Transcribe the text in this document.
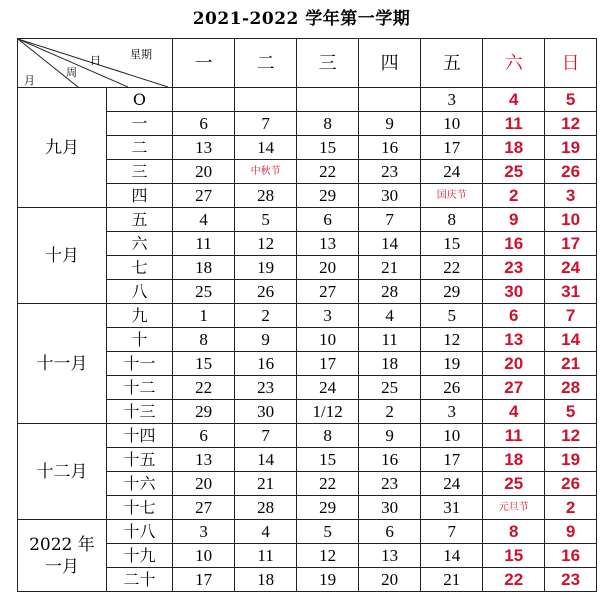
2021-2022 学年第一学期
星期
日
周
月		一	二	三	四	五	六	日
九月	O					3	4	5
	一	6	7	8	9	10	11	12
	二	13	14	15	16	17	18	19
	三	20	中秋节	22	23	24	25	26
	四	27	28	29	30	国庆节	2	3
十月	五	4	5	6	7	8	9	10
	六	11	12	13	14	15	16	17
	七	18	19	20	21	22	23	24
	八	25	26	27	28	29	30	31
十一月	九	1	2	3	4	5	6	7
	十	8	9	10	11	12	13	14
	十一	15	16	17	18	19	20	21
	十二	22	23	24	25	26	27	28
	十三	29	30	1/12	2	3	4	5
十二月	十四	6	7	8	9	10	11	12
	十五	13	14	15	16	17	18	19
	十六	20	21	22	23	24	25	26
	十七	27	28	29	30	31	元旦节	2
2022 年
一月	十八	3	4	5	6	7	8	9
	十九	10	11	12	13	14	15	16
	二十	17	18	19	20	21	22	23
